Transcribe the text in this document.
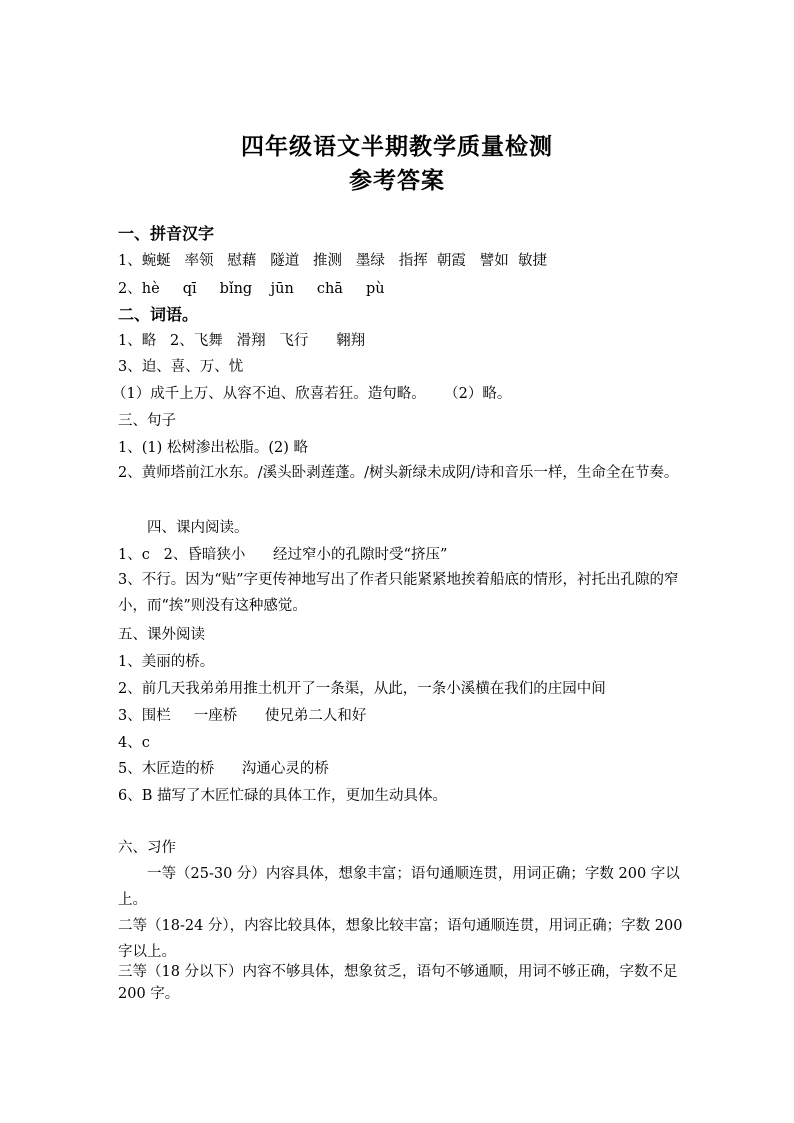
四年级语文半期教学质量检测
参考答案
一、拼音汉字
1、蜿蜒   率领   慰藉   隧道   推测   墨绿   指挥  朝霞   譬如  敏捷
2、hè     qī     bǐng    jūn     chā     pù
二、词语。
1、略   2、飞舞   滑翔   飞行      翱翔
3、迫、喜、万、忧
（1）成千上万、从容不迫、欣喜若狂。造句略。    （2）略。
三、句子
1、(1) 松树渗出松脂。(2) 略
2、黄师塔前江水东。/溪头卧剥莲蓬。/树头新绿未成阴/诗和音乐一样，生命全在节奏。
四、课内阅读。
1、c   2、昏暗狭小      经过窄小的孔隙时受“挤压”
3、不行。因为“贴”字更传神地写出了作者只能紧紧地挨着船底的情形，衬托出孔隙的窄小，而“挨”则没有这种感觉。
五、课外阅读
1、美丽的桥。
2、前几天我弟弟用推土机开了一条渠，从此，一条小溪横在我们的庄园中间
3、围栏     一座桥      使兄弟二人和好
4、c
5、木匠造的桥      沟通心灵的桥
6、B 描写了木匠忙碌的具体工作，更加生动具体。
六、习作
一等（25-30 分）内容具体，想象丰富；语句通顺连贯，用词正确；字数 200 字以上。
二等（18-24 分），内容比较具体，想象比较丰富；语句通顺连贯，用词正确；字数 200 字以上。
三等（18 分以下）内容不够具体，想象贫乏，语句不够通顺，用词不够正确，字数不足 200 字。
